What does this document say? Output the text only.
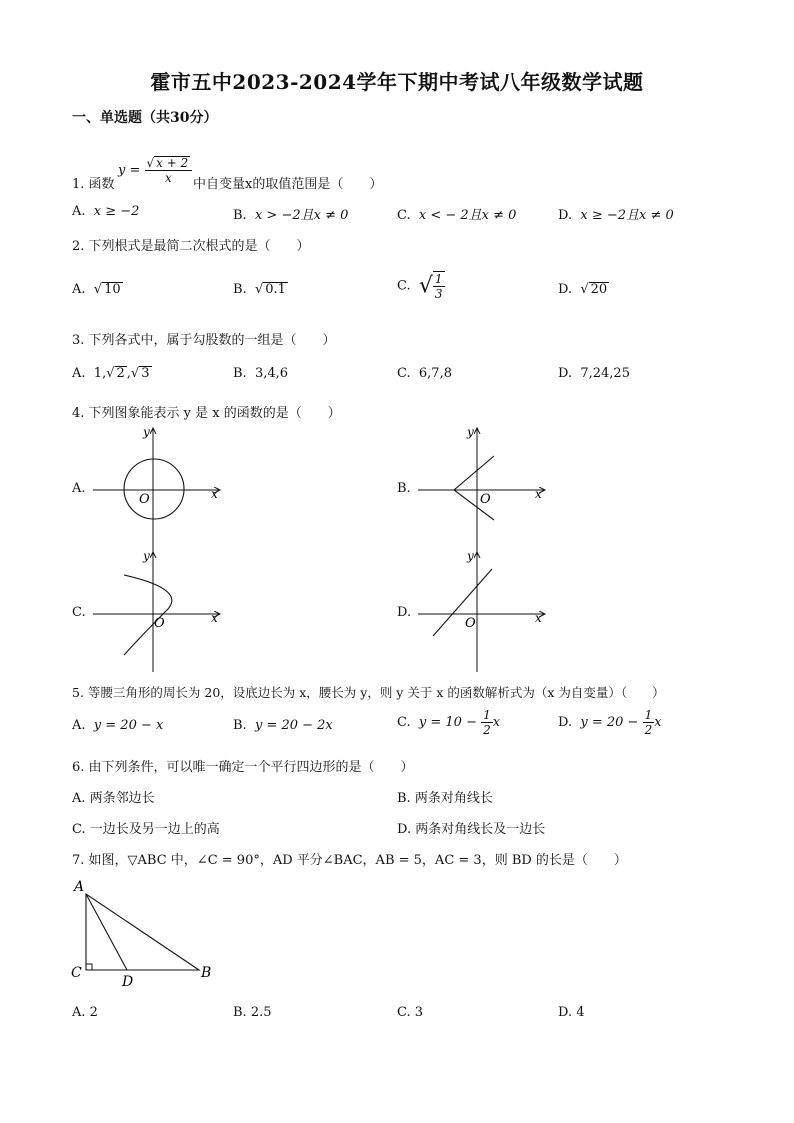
霍市五中2023-2024学年下期中考试八年级数学试题
一、单选题（共30分）
1. 函数
$y = \frac{√ x + 2}{x}$ 中自变量x的取值范围是（　　）
A. x ≥ −2	B. x > −2且x ≠ 0	C. x < − 2且x ≠ 0	D. x ≥ −2且x ≠ 0
2. 下列根式是最简二次根式的是（　　）
A. √ 10	B. √ 0.1	C. √ $\frac{1}{3}$	D. √ 20
3. 下列各式中，属于勾股数的一组是（　　）
A. 1,√ 2 ,√ 3	B. 3,4,6	C. 6,7,8	D. 7,24,25
4. 下列图象能表示 y 是 x 的函数的是（　　）
A.	B.
C.	D.
O	x
y
O	x
y
O	x
y
O	x
y
A
C
D
B
5. 等腰三角形的周长为 20，设底边长为 x，腰长为 y，则 y 关于 x 的函数解析式为（x 为自变量）（　　）
A. y = 20 − x	B. y = 20 − 2x	C. $y = 10 - \frac{1}{2}$ x	D. $y = 20 - \frac{1}{2}$ x
6. 由下列条件，可以唯一确定一个平行四边形的是（　　）
A. 两条邻边长	B. 两条对角线长
C. 一边长及另一边上的高	D. 两条对角线长及一边长
7. 如图，▽ABC 中，∠C = 90°，AD 平分∠BAC，AB = 5，AC = 3，则 BD 的长是（　　）
A. 2	B. 2.5	C. 3	D. 4
